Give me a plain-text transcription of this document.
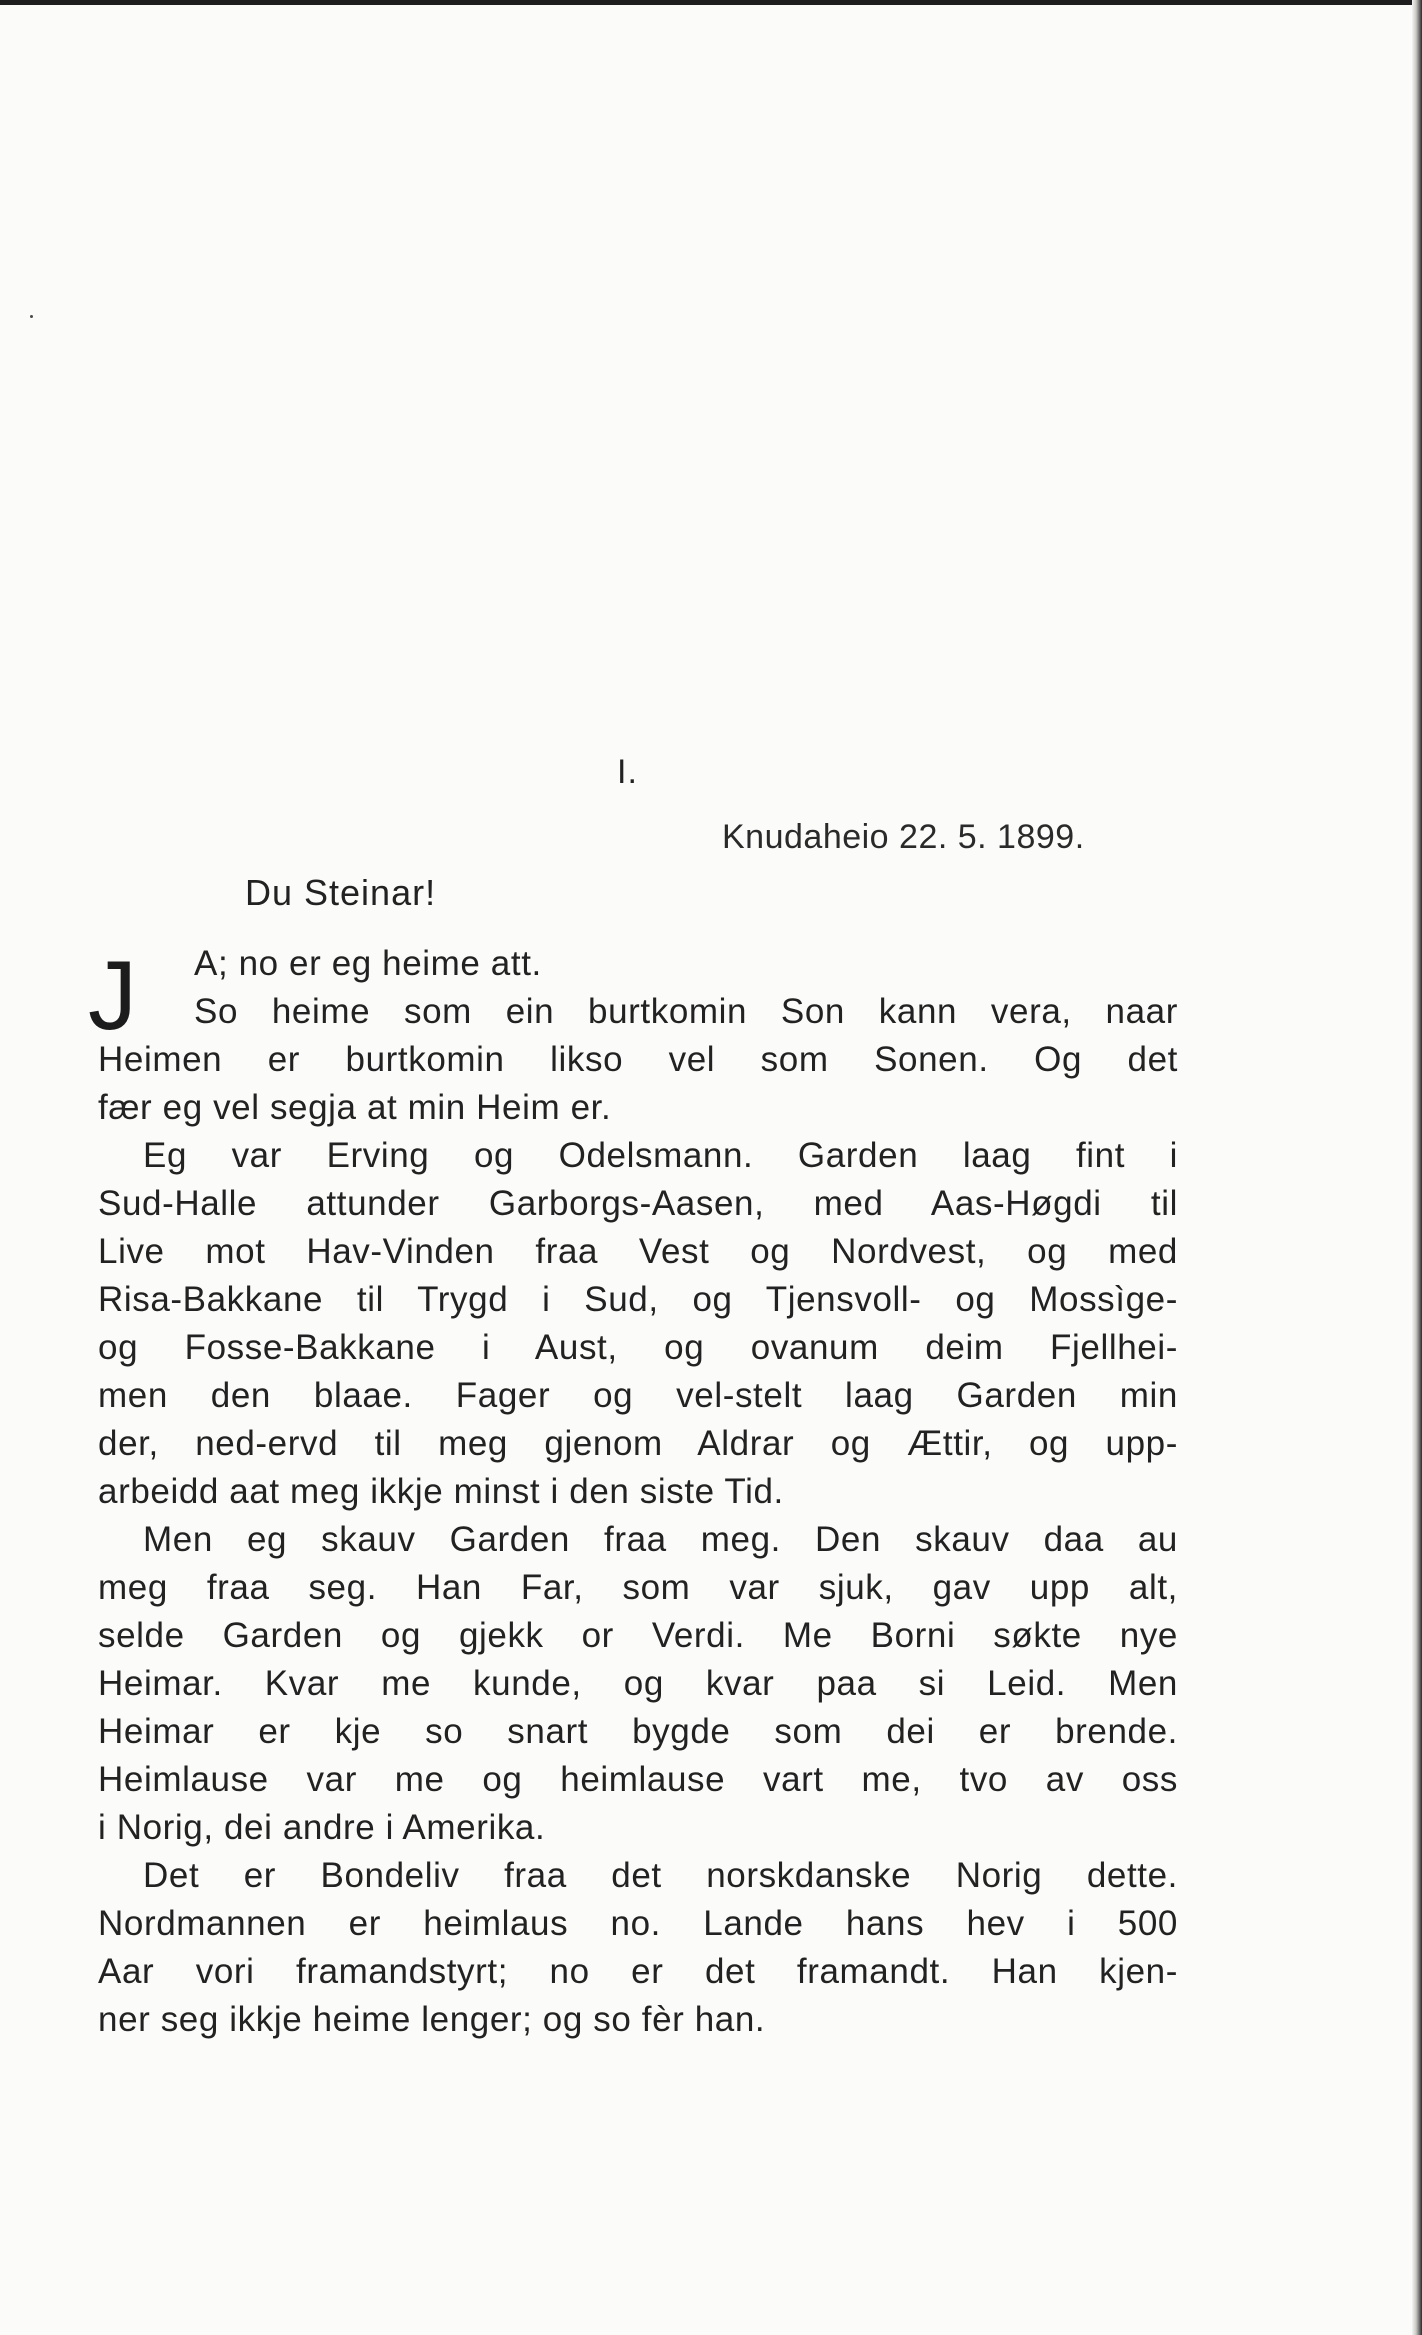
I.
Knudaheio 22. 5. 1899.
Du Steinar!
J	A; no er eg heime att.
So heime som ein burtkomin Son kann vera, naar
Heimen er burtkomin likso vel som Sonen. Og det
fær eg vel segja at min Heim er.
Eg var Erving og Odelsmann. Garden laag fint i
Sud-Halle attunder Garborgs-Aasen, med Aas-Høgdi til
Live mot Hav-Vinden fraa Vest og Nordvest, og med
Risa-Bakkane til Trygd i Sud, og Tjensvoll- og Mossìge-
og Fosse-Bakkane i Aust, og ovanum deim Fjellhei-
men den blaae. Fager og vel-stelt laag Garden min
der, ned-ervd til meg gjenom Aldrar og Ættir, og upp-
arbeidd aat meg ikkje minst i den siste Tid.
Men eg skauv Garden fraa meg. Den skauv daa au
meg fraa seg. Han Far, som var sjuk, gav upp alt,
selde Garden og gjekk or Verdi. Me Borni søkte nye
Heimar. Kvar me kunde, og kvar paa si Leid. Men
Heimar er kje so snart bygde som dei er brende.
Heimlause var me og heimlause vart me, tvo av oss
i Norig, dei andre i Amerika.
Det er Bondeliv fraa det norskdanske Norig dette.
Nordmannen er heimlaus no. Lande hans hev i 500
Aar vori framandstyrt; no er det framandt. Han kjen-
ner seg ikkje heime lenger; og so fèr han.
